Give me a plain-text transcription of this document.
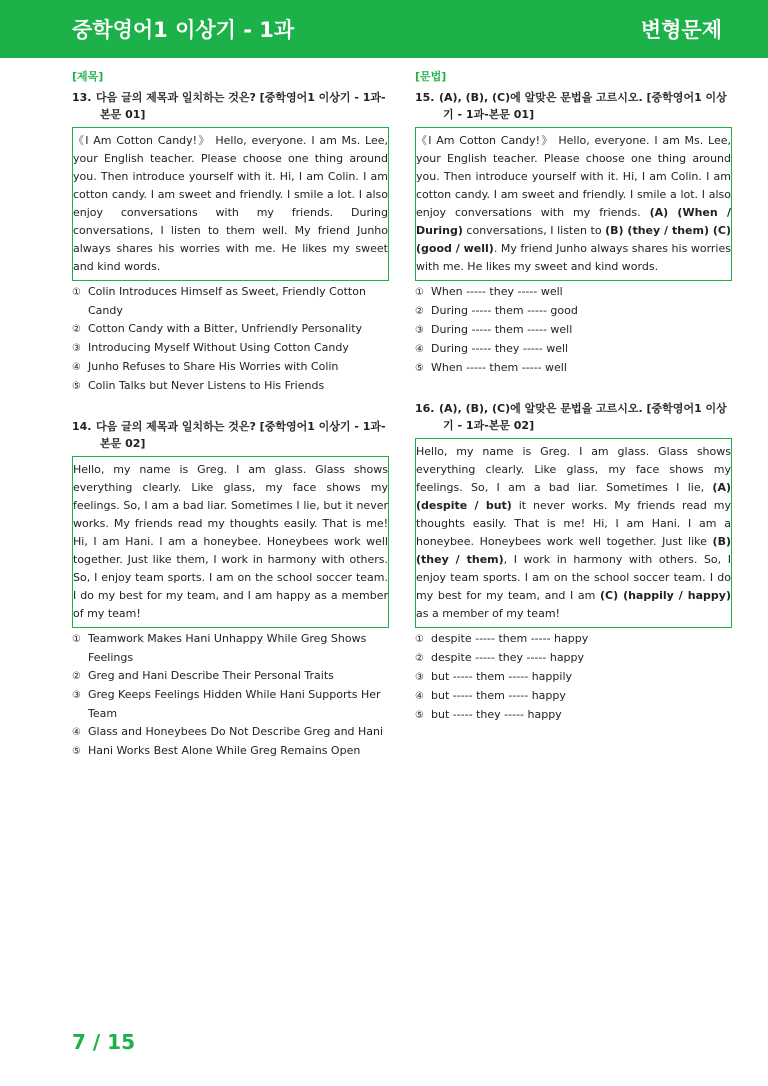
중학영어1 이상기 - 1과	변형문제
[제목]
13. 다음 글의 제목과 일치하는 것은? [중학영어1 이상기 - 1과-본문 01]

《I Am Cotton Candy!》 Hello, everyone. I am Ms. Lee, your English teacher. Please choose one thing around you. Then introduce yourself with it. Hi, I am Colin. I am cotton candy. I am sweet and friendly. I smile a lot. I also enjoy conversations with my friends. During conversations, I listen to them well. My friend Junho always shares his worries with me. He likes my sweet and kind words.

① Colin Introduces Himself as Sweet, Friendly Cotton Candy
② Cotton Candy with a Bitter, Unfriendly Personality
③ Introducing Myself Without Using Cotton Candy
④ Junho Refuses to Share His Worries with Colin
⑤ Colin Talks but Never Listens to His Friends
14. 다음 글의 제목과 일치하는 것은? [중학영어1 이상기 - 1과-본문 02]

Hello, my name is Greg. I am glass. Glass shows everything clearly. Like glass, my face shows my feelings. So, I am a bad liar. Sometimes I lie, but it never works. My friends read my thoughts easily. That is me! Hi, I am Hani. I am a honeybee. Honeybees work well together. Just like them, I work in harmony with others. So, I enjoy team sports. I am on the school soccer team. I do my best for my team, and I am happy as a member of my team!

① Teamwork Makes Hani Unhappy While Greg Shows Feelings
② Greg and Hani Describe Their Personal Traits
③ Greg Keeps Feelings Hidden While Hani Supports Her Team
④ Glass and Honeybees Do Not Describe Greg and Hani
⑤ Hani Works Best Alone While Greg Remains Open
[문법]
15. (A), (B), (C)에 알맞은 문법을 고르시오. [중학영어1 이상기 - 1과-본문 01]

《I Am Cotton Candy!》 Hello, everyone. I am Ms. Lee, your English teacher. Please choose one thing around you. Then introduce yourself with it. Hi, I am Colin. I am cotton candy. I am sweet and friendly. I smile a lot. I also enjoy conversations with my friends. (A) (When / During) conversations, I listen to (B) (they / them) (C) (good / well). My friend Junho always shares his worries with me. He likes my sweet and kind words.

① When ----- they ----- well
② During ----- them ----- good
③ During ----- them ----- well
④ During ----- they ----- well
⑤ When ----- them ----- well
16. (A), (B), (C)에 알맞은 문법을 고르시오. [중학영어1 이상기 - 1과-본문 02]

Hello, my name is Greg. I am glass. Glass shows everything clearly. Like glass, my face shows my feelings. So, I am a bad liar. Sometimes I lie, (A) (despite / but) it never works. My friends read my thoughts easily. That is me! Hi, I am Hani. I am a honeybee. Honeybees work well together. Just like (B) (they / them), I work in harmony with others. So, I enjoy team sports. I am on the school soccer team. I do my best for my team, and I am (C) (happily / happy) as a member of my team!

① despite ----- them ----- happy
② despite ----- they ----- happy
③ but ----- them ----- happily
④ but ----- them ----- happy
⑤ but ----- they ----- happy
7 / 15
